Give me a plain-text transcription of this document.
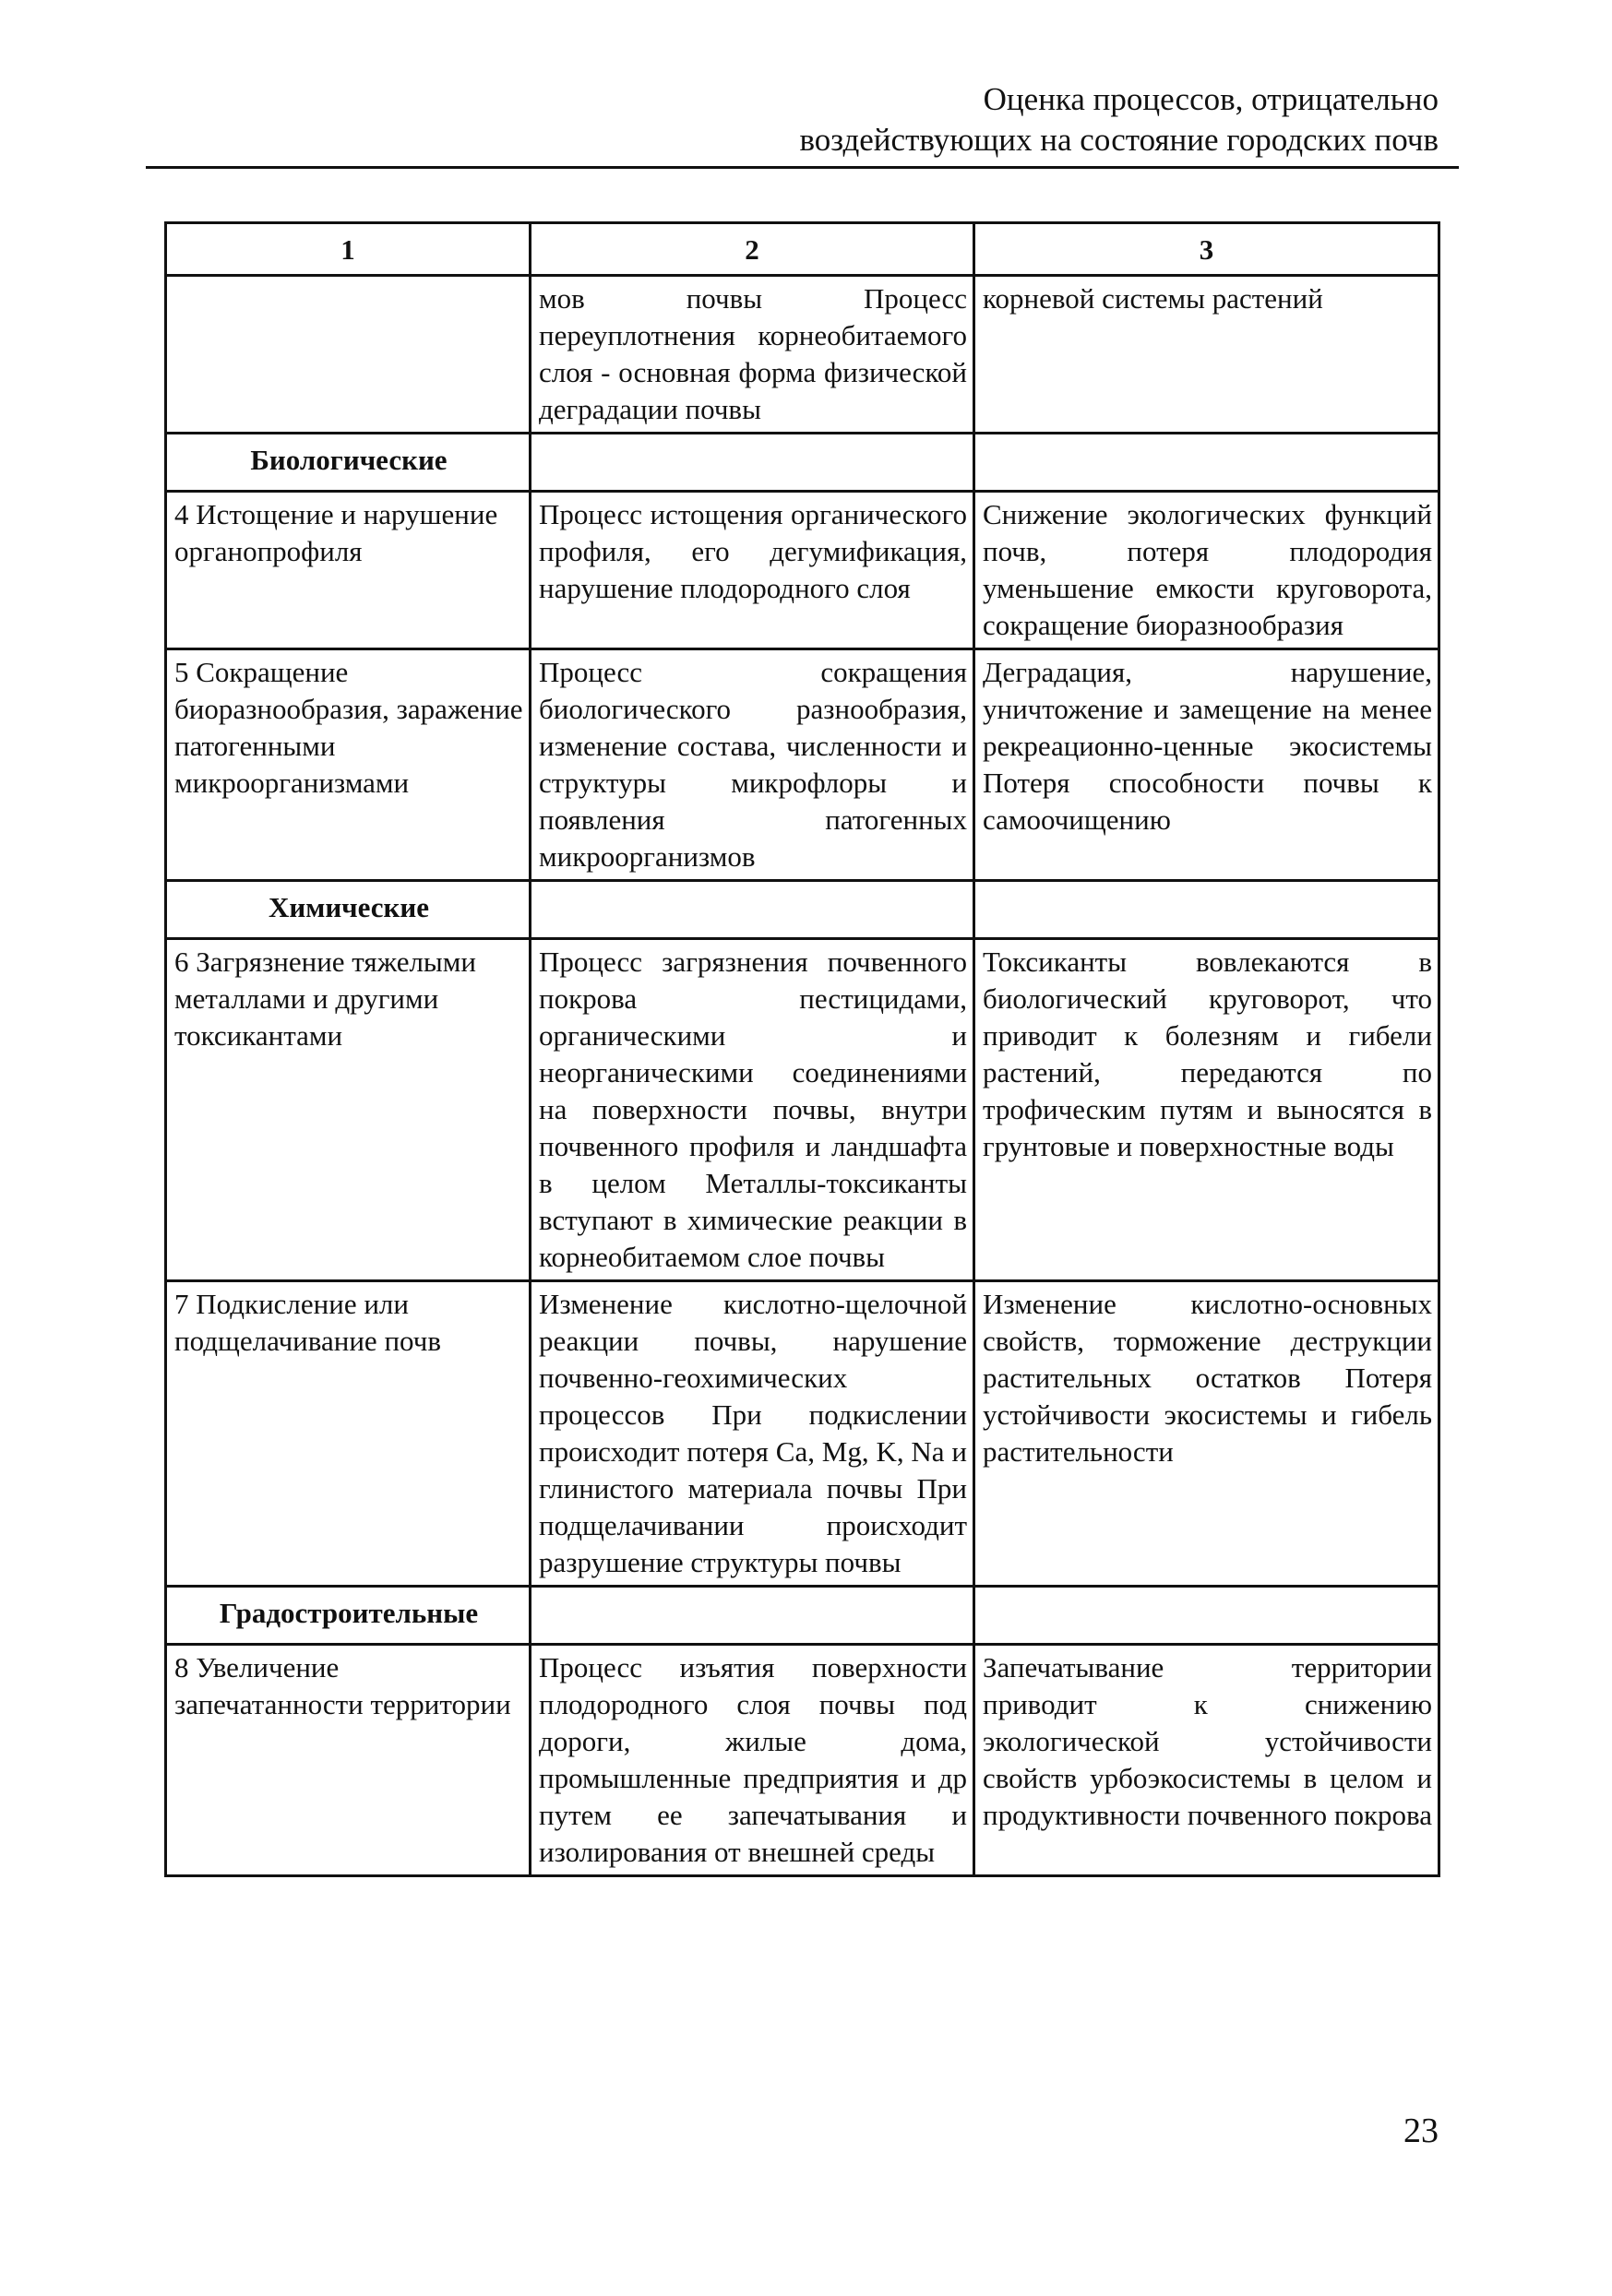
Оценка процессов, отрицательно
воздействующих на состояние городских почв
1	2	3
	мов почвы Процесс переуплотнения корнеобитаемого слоя - основная форма физической деградации почвы	корневой системы растений
Биологические		
4 Истощение и нарушение органопрофиля	Процесс истощения органического профиля, его дегумификация, нарушение плодородного слоя	Снижение экологических функций почв, потеря плодородия уменьшение емкости круговорота, сокращение биоразнообразия
5 Сокращение биоразнообразия, заражение патогенными микроорганизмами	Процесс сокращения биологического разнообразия, изменение состава, численности и структуры микрофлоры и появления патогенных микроорганизмов	Деградация, нарушение, уничтожение и замещение на менее рекреационно-ценные экосистемы Потеря способности почвы к самоочищению
Химические		
6 Загрязнение тяжелыми металлами и другими токсикантами	Процесс загрязнения почвенного покрова пестицидами, органическими и неорганическими соединениями на поверхности почвы, внутри почвенного профиля и ландшафта в целом Металлы-токсиканты вступают в химические реакции в корнеобитаемом слое почвы	Токсиканты вовлекаются в биологический круговорот, что приводит к болезням и гибели растений, передаются по трофическим путям и выносятся в грунтовые и поверхностные воды
7 Подкисление или подщелачивание почв	Изменение кислотно-щелочной реакции почвы, нарушение почвенно-геохимических процессов При подкислении происходит потеря Ca, Mg, K, Na и глинистого материала почвы При подщелачивании происходит разрушение структуры почвы	Изменение кислотно-основных свойств, торможение деструкции растительных остатков Потеря устойчивости экосистемы и гибель растительности
Градостроительные		
8 Увеличение запечатанности территории	Процесс изъятия поверхности плодородного слоя почвы под дороги, жилые дома, промышленные предприятия и др путем ее запечатывания и изолирования от внешней среды	Запечатывание территории приводит к снижению экологической устойчивости свойств урбоэкосистемы в целом и продуктивности почвенного покрова
23
